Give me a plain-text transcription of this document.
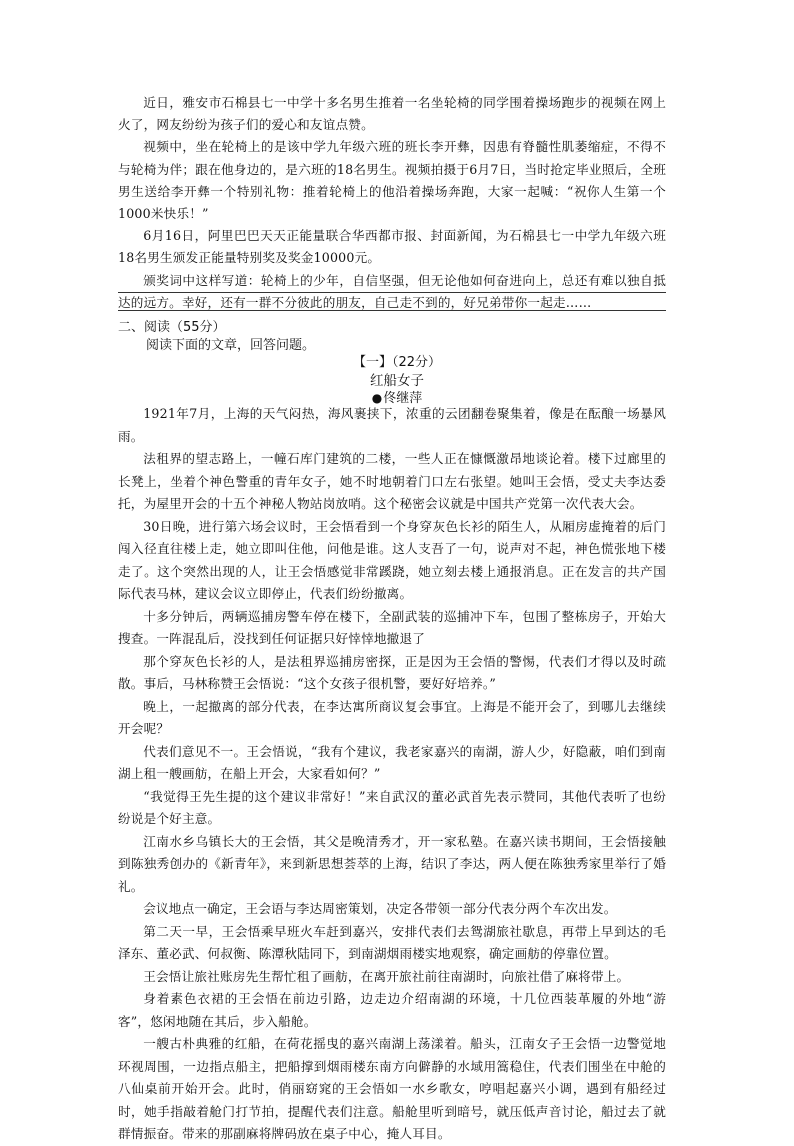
近日，雅安市石棉县七一中学十多名男生推着一名坐轮椅的同学围着操场跑步的视频在网上火了，网友纷纷为孩子们的爱心和友谊点赞。

视频中，坐在轮椅上的是该中学九年级六班的班长李开彝，因患有脊髓性肌萎缩症，不得不与轮椅为伴；跟在他身边的，是六班的18名男生。视频拍摄于6月7日，当时抢定毕业照后，全班男生送给李开彝一个特别礼物：推着轮椅上的他沿着操场奔跑，大家一起喊：“祝你人生第一个1000米快乐！”

6月16日，阿里巴巴天天正能量联合华西都市报、封面新闻，为石棉县七一中学九年级六班18名男生颁发正能量特别奖及奖金10000元。

颁奖词中这样写道：轮椅上的少年，自信坚强，但无论他如何奋进向上，总还有难以独自抵达的远方。幸好，还有一群不分彼此的朋友，自己走不到的，好兄弟带你一起走……

二、阅读（55分）
阅读下面的文章，回答问题。
【一】（22分）
红船女子
●佟继萍

1921年7月，上海的天气闷热，海风裹挟下，浓重的云团翻卷聚集着，像是在酝酿一场暴风雨。

法租界的望志路上，一幢石库门建筑的二楼，一些人正在慷慨激昂地谈论着。楼下过廊里的长凳上，坐着个神色警重的青年女子，她不时地朝着门口左右张望。她叫王会悟，受丈夫李达委托，为屋里开会的十五个神秘人物站岗放哨。这个秘密会议就是中国共产党第一次代表大会。

30日晚，进行第六场会议时，王会悟看到一个身穿灰色长衫的陌生人，从厢房虚掩着的后门闯入径直往楼上走，她立即叫住他，问他是谁。这人支吾了一句，说声对不起，神色慌张地下楼走了。这个突然出现的人，让王会悟感觉非常蹊跷，她立刻去楼上通报消息。正在发言的共产国际代表马林，建议会议立即停止，代表们纷纷撤离。

十多分钟后，两辆巡捕房警车停在楼下，全副武装的巡捕冲下车，包围了整栋房子，开始大搜查。一阵混乱后，没找到任何证据只好悻悻地撤退了

那个穿灰色长衫的人，是法租界巡捕房密探，正是因为王会悟的警惕，代表们才得以及时疏散。事后，马林称赞王会悟说：“这个女孩子很机警，要好好培养。”

晚上，一起撤离的部分代表，在李达寓所商议复会事宜。上海是不能开会了，到哪儿去继续开会呢？

代表们意见不一。王会悟说，“我有个建议，我老家嘉兴的南湖，游人少，好隐蔽，咱们到南湖上租一艘画舫，在船上开会，大家看如何？”

“我觉得王先生提的这个建议非常好！”来自武汉的董必武首先表示赞同，其他代表听了也纷纷说是个好主意。

江南水乡乌镇长大的王会悟，其父是晚清秀才，开一家私塾。在嘉兴读书期间，王会悟接触到陈独秀创办的《新青年》，来到新思想荟萃的上海，结识了李达，两人便在陈独秀家里举行了婚礼。

会议地点一确定，王会语与李达周密策划，决定各带领一部分代表分两个车次出发。

第二天一早，王会悟乘早班火车赶到嘉兴，安排代表们去鸳湖旅社歇息，再带上早到达的毛泽东、董必武、何叔衡、陈潭秋陆同下，到南湖烟雨楼实地观察，确定画舫的停靠位置。

王会悟让旅社账房先生帮忙租了画舫，在离开旅社前往南湖时，向旅社借了麻将带上。

身着素色衣裙的王会悟在前边引路，边走边介绍南湖的环境，十几位西装革履的外地“游客”，悠闲地随在其后，步入船舱。

一艘古朴典雅的红船，在荷花摇曳的嘉兴南湖上荡漾着。船头，江南女子王会悟一边警觉地环视周围，一边指点船主，把船撑到烟雨楼东南方向僻静的水域用篙稳住，代表们围坐在中舱的八仙桌前开始开会。此时，俏丽窈窕的王会悟如一水乡歌女，哼唱起嘉兴小调，遇到有船经过时，她手指敲着舱门打节拍，提醒代表们注意。船舱里听到暗号，就压低声音讨论，船过去了就群情振奋。带来的那副麻将牌码放在桌子中心，掩人耳目。
